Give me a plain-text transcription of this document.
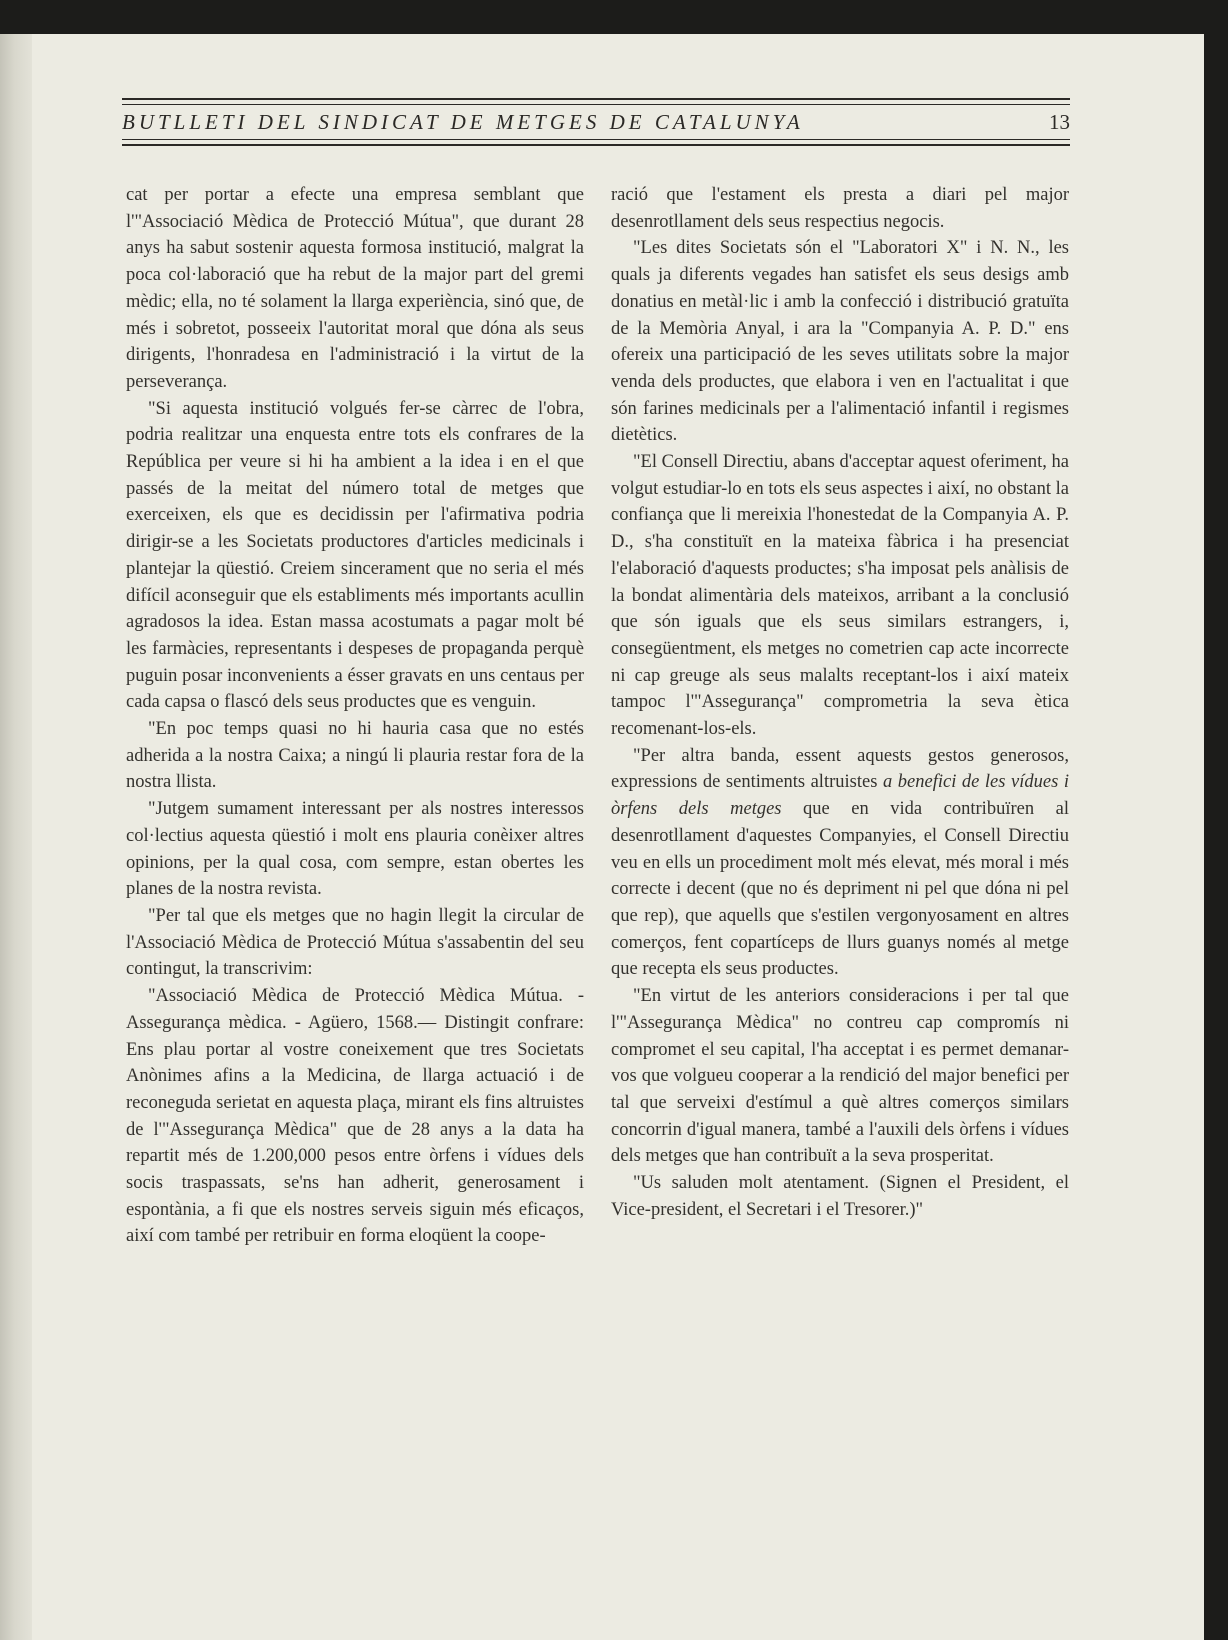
BUTLLETI DEL SINDICAT DE METGES DE CATALUNYA	13

cat per portar a efecte una empresa semblant que l'"Associació Mèdica de Protecció Mútua", que durant 28 anys ha sabut sostenir aquesta formosa institució, malgrat la poca col·laboració que ha rebut de la major part del gremi mèdic; ella, no té solament la llarga experiència, sinó que, de més i sobretot, posseeix l'autoritat moral que dóna als seus dirigents, l'honradesa en l'administració i la virtut de la perseverança.

"Si aquesta institució volgués fer-se càrrec de l'obra, podria realitzar una enquesta entre tots els confrares de la República per veure si hi ha ambient a la idea i en el que passés de la meitat del número total de metges que exerceixen, els que es decidissin per l'afirmativa podria dirigir-se a les Societats productores d'articles medicinals i plantejar la qüestió. Creiem sincerament que no seria el més difícil aconseguir que els establiments més importants acullin agradosos la idea. Estan massa acostumats a pagar molt bé les farmàcies, representants i despeses de propaganda perquè puguin posar inconvenients a ésser gravats en uns centaus per cada capsa o flascó dels seus productes que es venguin.

"En poc temps quasi no hi hauria casa que no estés adherida a la nostra Caixa; a ningú li plauria restar fora de la nostra llista.

"Jutgem sumament interessant per als nostres interessos col·lectius aquesta qüestió i molt ens plauria conèixer altres opinions, per la qual cosa, com sempre, estan obertes les planes de la nostra revista.

"Per tal que els metges que no hagin llegit la circular de l'Associació Mèdica de Protecció Mútua s'assabentin del seu contingut, la transcrivim:

"Associació Mèdica de Protecció Mèdica Mútua. - Assegurança mèdica. - Agüero, 1568.— Distingit confrare: Ens plau portar al vostre coneixement que tres Societats Anònimes afins a la Medicina, de llarga actuació i de reconeguda serietat en aquesta plaça, mirant els fins altruistes de l'"Assegurança Mèdica" que de 28 anys a la data ha repartit més de 1.200,000 pesos entre òrfens i vídues dels socis traspassats, se'ns han adherit, generosament i espontània, a fi que els nostres serveis siguin més eficaços, així com també per retribuir en forma eloqüent la coope-

ració que l'estament els presta a diari pel major desenrotllament dels seus respectius negocis.

"Les dites Societats són el "Laboratori X" i N. N., les quals ja diferents vegades han satisfet els seus desigs amb donatius en metàl·lic i amb la confecció i distribució gratuïta de la Memòria Anyal, i ara la "Companyia A. P. D." ens ofereix una participació de les seves utilitats sobre la major venda dels productes, que elabora i ven en l'actualitat i que són farines medicinals per a l'alimentació infantil i regismes dietètics.

"El Consell Directiu, abans d'acceptar aquest oferiment, ha volgut estudiar-lo en tots els seus aspectes i així, no obstant la confiança que li mereixia l'honestedat de la Companyia A. P. D., s'ha constituït en la mateixa fàbrica i ha presenciat l'elaboració d'aquests productes; s'ha imposat pels anàlisis de la bondat alimentària dels mateixos, arribant a la conclusió que són iguals que els seus similars estrangers, i, consegüentment, els metges no cometrien cap acte incorrecte ni cap greuge als seus malalts receptant-los i així mateix tampoc l'"Assegurança" comprometria la seva ètica recomenant-los-els.

"Per altra banda, essent aquests gestos generosos, expressions de sentiments altruistes a benefici de les vídues i òrfens dels metges que en vida contribuïren al desenrotllament d'aquestes Companyies, el Consell Directiu veu en ells un procediment molt més elevat, més moral i més correcte i decent (que no és depriment ni pel que dóna ni pel que rep), que aquells que s'estilen vergonyosament en altres comerços, fent copartíceps de llurs guanys només al metge que recepta els seus productes.

"En virtut de les anteriors consideracions i per tal que l'"Assegurança Mèdica" no contreu cap compromís ni compromet el seu capital, l'ha acceptat i es permet demanar-vos que volgueu cooperar a la rendició del major benefici per tal que serveixi d'estímul a què altres comerços similars concorrin d'igual manera, també a l'auxili dels òrfens i vídues dels metges que han contribuït a la seva prosperitat.

"Us saluden molt atentament. (Signen el President, el Vice-president, el Secretari i el Tresorer.)"
